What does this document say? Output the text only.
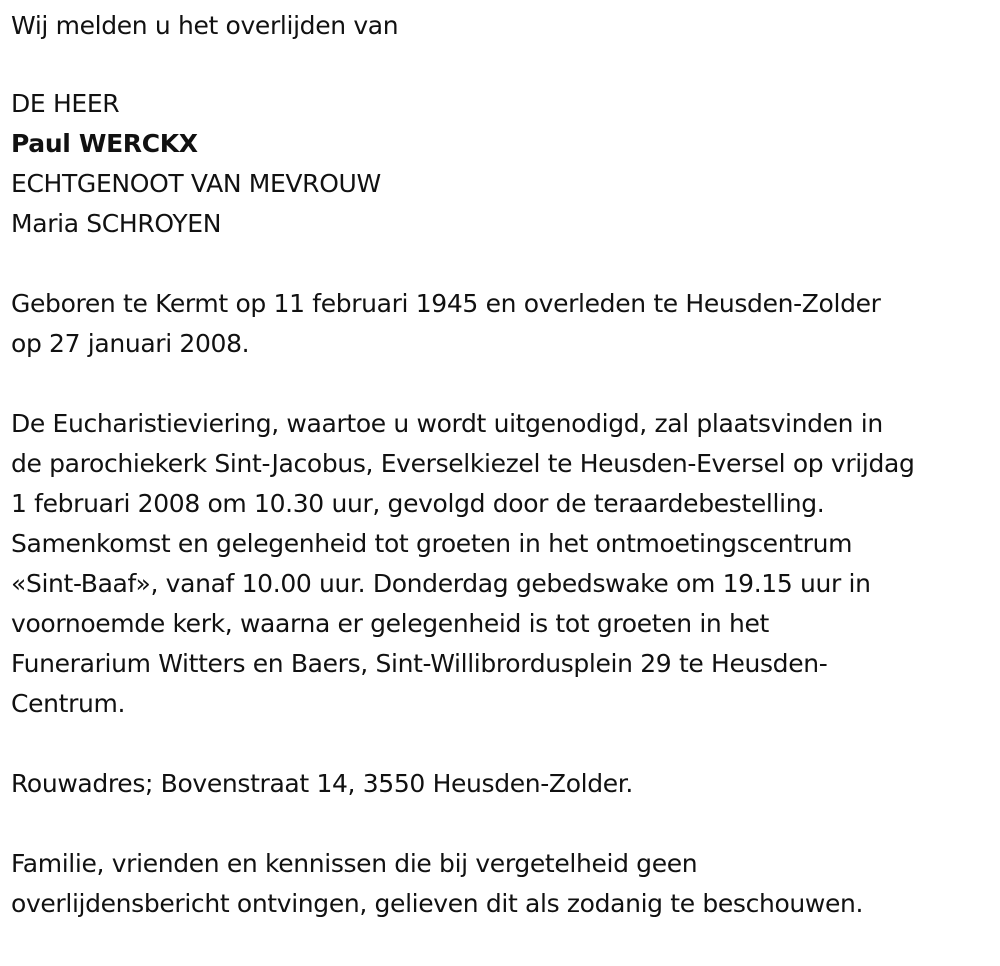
Wij melden u het overlijden van
DE HEER
Paul WERCKX
ECHTGENOOT VAN MEVROUW
Maria SCHROYEN
Geboren te Kermt op 11 februari 1945 en overleden te Heusden-Zolder
op 27 januari 2008.
De Eucharistieviering, waartoe u wordt uitgenodigd, zal plaatsvinden in
de parochiekerk Sint-Jacobus, Everselkiezel te Heusden-Eversel op vrijdag
1 februari 2008 om 10.30 uur, gevolgd door de teraardebestelling.
Samenkomst en gelegenheid tot groeten in het ontmoetingscentrum
«Sint-Baaf», vanaf 10.00 uur. Donderdag gebedswake om 19.15 uur in
voornoemde kerk, waarna er gelegenheid is tot groeten in het
Funerarium Witters en Baers, Sint-Willibrordusplein 29 te Heusden-
Centrum.
Rouwadres; Bovenstraat 14, 3550 Heusden-Zolder.
Familie, vrienden en kennissen die bij vergetelheid geen
overlijdensbericht ontvingen, gelieven dit als zodanig te beschouwen.
